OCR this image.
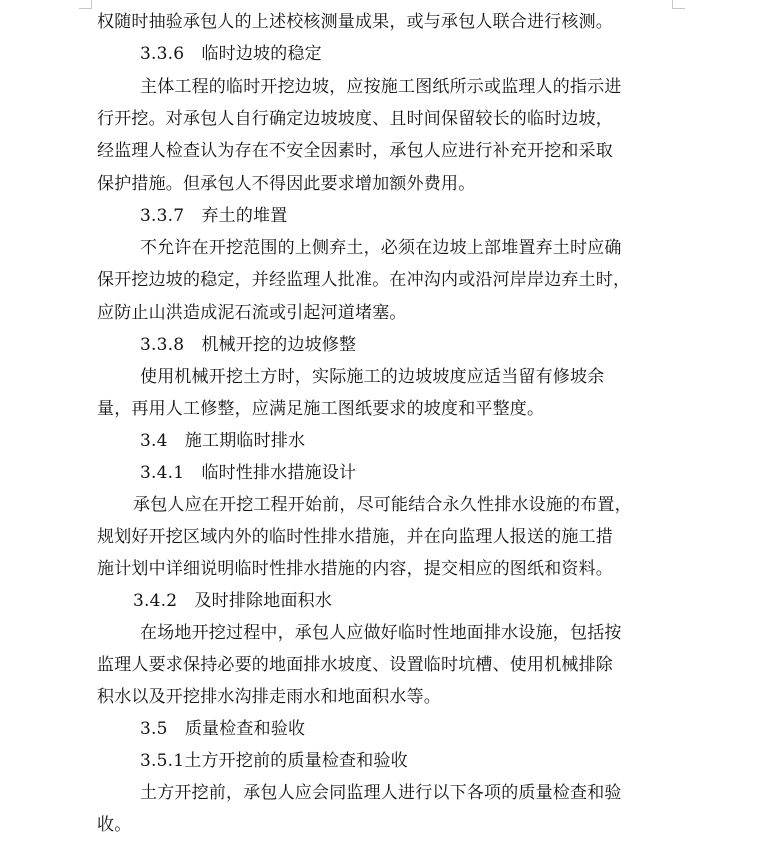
权随时抽验承包人的上述校核测量成果，或与承包人联合进行核测。
3.3.6　临时边坡的稳定
主体工程的临时开挖边坡，应按施工图纸所示或监理人的指示进
行开挖。对承包人自行确定边坡坡度、且时间保留较长的临时边坡，
经监理人检查认为存在不安全因素时，承包人应进行补充开挖和采取
保护措施。但承包人不得因此要求增加额外费用。
3.3.7　弃土的堆置
不允许在开挖范围的上侧弃土，必须在边坡上部堆置弃土时应确
保开挖边坡的稳定，并经监理人批准。在冲沟内或沿河岸岸边弃土时，
应防止山洪造成泥石流或引起河道堵塞。
3.3.8　机械开挖的边坡修整
使用机械开挖土方时，实际施工的边坡坡度应适当留有修坡余
量，再用人工修整，应满足施工图纸要求的坡度和平整度。
3.4　施工期临时排水
3.4.1　临时性排水措施设计
承包人应在开挖工程开始前，尽可能结合永久性排水设施的布置，
规划好开挖区域内外的临时性排水措施，并在向监理人报送的施工措
施计划中详细说明临时性排水措施的内容，提交相应的图纸和资料。
3.4.2　及时排除地面积水
在场地开挖过程中，承包人应做好临时性地面排水设施，包括按
监理人要求保持必要的地面排水坡度、设置临时坑槽、使用机械排除
积水以及开挖排水沟排走雨水和地面积水等。
3.5　质量检查和验收
3.5.1土方开挖前的质量检查和验收
土方开挖前，承包人应会同监理人进行以下各项的质量检查和验
收。
